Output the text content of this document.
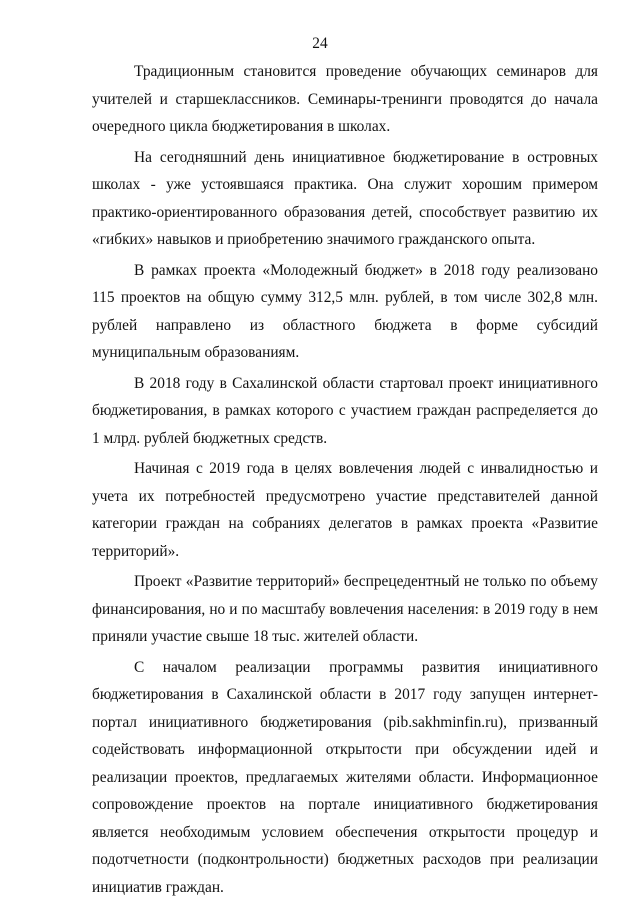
24

Традиционным становится проведение обучающих семинаров для учителей и старшеклассников. Семинары-тренинги проводятся до начала очередного цикла бюджетирования в школах.

На сегодняшний день инициативное бюджетирование в островных школах - уже устоявшаяся практика. Она служит хорошим примером практико-ориентированного образования детей, способствует развитию их «гибких» навыков и приобретению значимого гражданского опыта.

В рамках проекта «Молодежный бюджет» в 2018 году реализовано 115 проектов на общую сумму 312,5 млн. рублей, в том числе 302,8 млн. рублей направлено из областного бюджета в форме субсидий муниципальным образованиям.

В 2018 году в Сахалинской области стартовал проект инициативного бюджетирования, в рамках которого с участием граждан распределяется до 1 млрд. рублей бюджетных средств.

Начиная с 2019 года в целях вовлечения людей с инвалидностью и учета их потребностей предусмотрено участие представителей данной категории граждан на собраниях делегатов в рамках проекта «Развитие территорий».

Проект «Развитие территорий» беспрецедентный не только по объему финансирования, но и по масштабу вовлечения населения: в 2019 году в нем приняли участие свыше 18 тыс. жителей области.

С началом реализации программы развития инициативного бюджетирования в Сахалинской области в 2017 году запущен интернет-портал инициативного бюджетирования (pib.sakhminfin.ru), призванный содействовать информационной открытости при обсуждении идей и реализации проектов, предлагаемых жителями области. Информационное сопровождение проектов на портале инициативного бюджетирования является необходимым условием обеспечения открытости процедур и подотчетности (подконтрольности) бюджетных расходов при реализации инициатив граждан.
